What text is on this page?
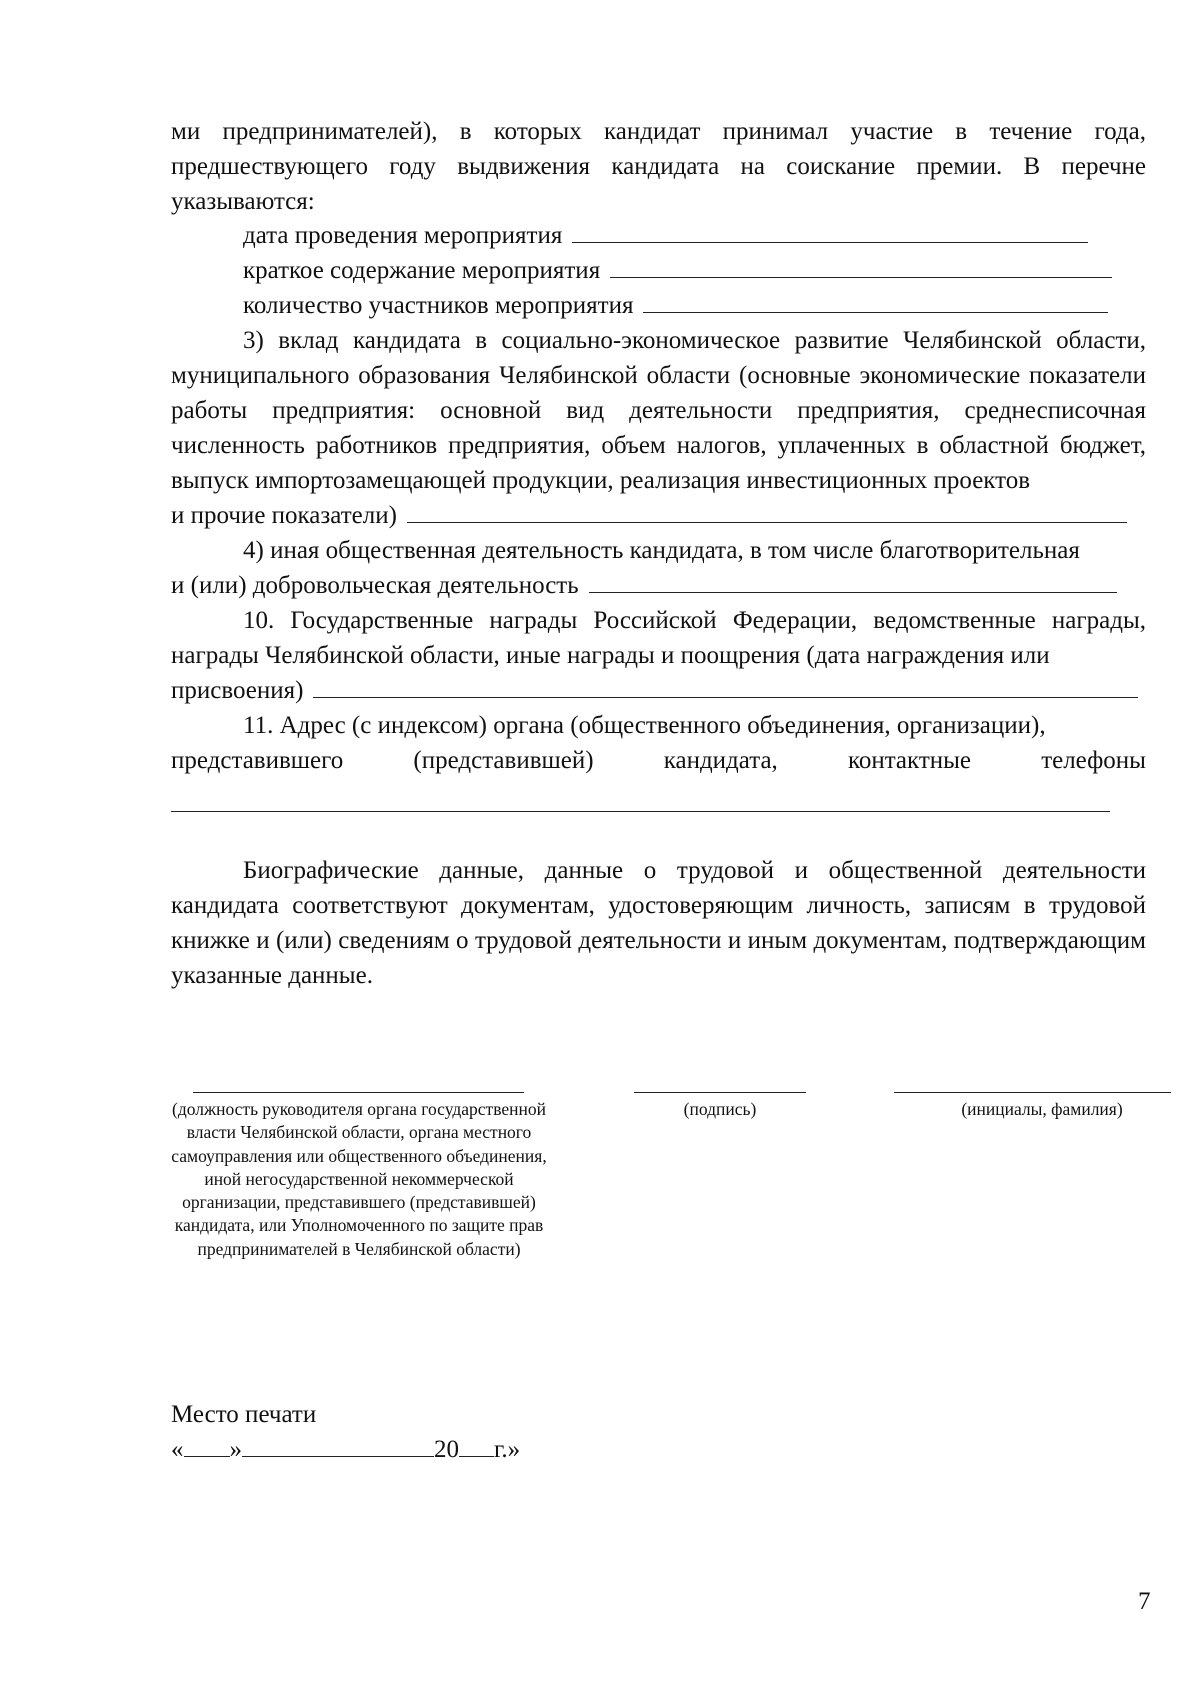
ми предпринимателей), в которых кандидат принимал участие в течение года, предшествующего году выдвижения кандидата на соискание премии. В перечне указываются:

дата проведения мероприятия
краткое содержание мероприятия
количество участников мероприятия

3) вклад кандидата в социально-экономическое развитие Челябинской области, муниципального образования Челябинской области (основные экономические показатели работы предприятия: основной вид деятельности предприятия, среднесписочная численность работников предприятия, объем налогов, уплаченных в областной бюджет, выпуск импортозамещающей продукции, реализация инвестиционных проектов

и прочие показатели)

4) иная общественная деятельность кандидата, в том числе благотворительная

и (или) добровольческая деятельность

10. Государственные награды Российской Федерации, ведомственные награды, награды Челябинской области, иные награды и поощрения (дата награждения или

присвоения)

11. Адрес (с индексом) органа (общественного объединения, организации),

представившего	(представившей)	кандидата,	контактные	телефоны

Биографические данные, данные о трудовой и общественной деятельности кандидата соответствуют документам, удостоверяющим личность, записям в трудовой книжке и (или) сведениям о трудовой деятельности и иным документам, подтверждающим указанные данные.

(должность руководителя органа государственной власти Челябинской области, органа местного самоуправления или общественного объединения, иной негосударственной некоммерческой организации, представившего (представившей) кандидата, или Уполномоченного по защите прав предпринимателей в Челябинской области)

(подпись)	(инициалы, фамилия)

Место печати

« »	20 г.»

7
